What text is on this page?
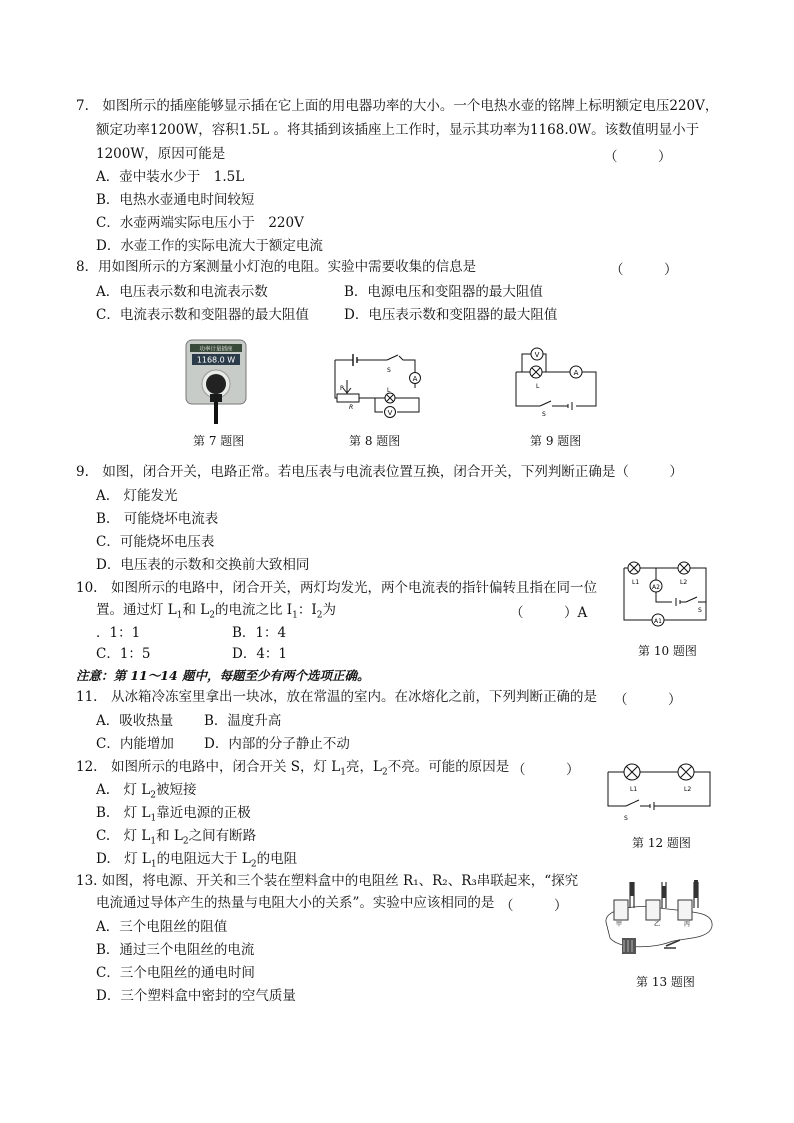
7.　如图所示的插座能够显示插在它上面的用电器功率的大小。一个电热水壶的铭牌上标明额定电压220V，
额定功率1200W，容积1.5L 。将其插到该插座上工作时，显示其功率为1168.0W。该数值明显小于
1200W，原因可能是	（　　　）
A．壶中装水少于　1.5L
B．电热水壶通电时间较短
C．水壶两端实际电压小于　220V
D．水壶工作的实际电流大于额定电流
8．用如图所示的方案测量小灯泡的电阻。实验中需要收集的信息是	（　　　）
A．电压表示数和电流表示数	B．电源电压和变阻器的最大阻值
C．电流表示数和变阻器的最大阻值	D．电压表示数和变阻器的最大阻值
功率计量插座
1168.0 W
第 7 题图
A
V
S
P
R
L
第 8 题图
V
A
L
S
第 9 题图
9.　如图，闭合开关，电路正常。若电压表与电流表位置互换，闭合开关，下列判断正确是（　　　）
A.　灯能发光
B.　可能烧坏电流表
C．可能烧坏电压表
D．电压表的示数和交换前大致相同
10.　如图所示的电路中，闭合开关，两灯均发光，两个电流表的指针偏转且指在同一位
置。通过灯 $L_1$和 $L_2$的电流之比 $I_1$：$I_2$为	（　　　）A
．1：1	B．1：4
C．1：5	D．4：1
A2
A1
L1	L2
S
第 10 题图
注意：第 11～14 题中，每题至少有两个选项正确。
11.　从冰箱冷冻室里拿出一块冰，放在常温的室内。在冰熔化之前，下列判断正确的是 （　　　）
A．吸收热量 B．温度升高
C．内能增加 D．内部的分子静止不动
12.　如图所示的电路中，闭合开关 S，灯 $L_1$亮，$L_2$不亮。可能的原因是 （　　　）
A.　灯 $L_2$被短接
B.　灯 $L_1$靠近电源的正极
C.　灯 $L_1$和 $L_2$之间有断路
D.　灯 $L_1$的电阻远大于 $L_2$的电阻
L1	L2
S
第 12 题图
13. 如图，将电源、开关和三个装在塑料盒中的电阻丝 R₁、R₂、R₃串联起来，“探究
电流通过导体产生的热量与电阻大小的关系”。实验中应该相同的是 （　　　）
A．三个电阻丝的阻值
B．通过三个电阻丝的电流
C．三个电阻丝的通电时间
D．三个塑料盒中密封的空气质量
甲	乙	丙
第 13 题图
